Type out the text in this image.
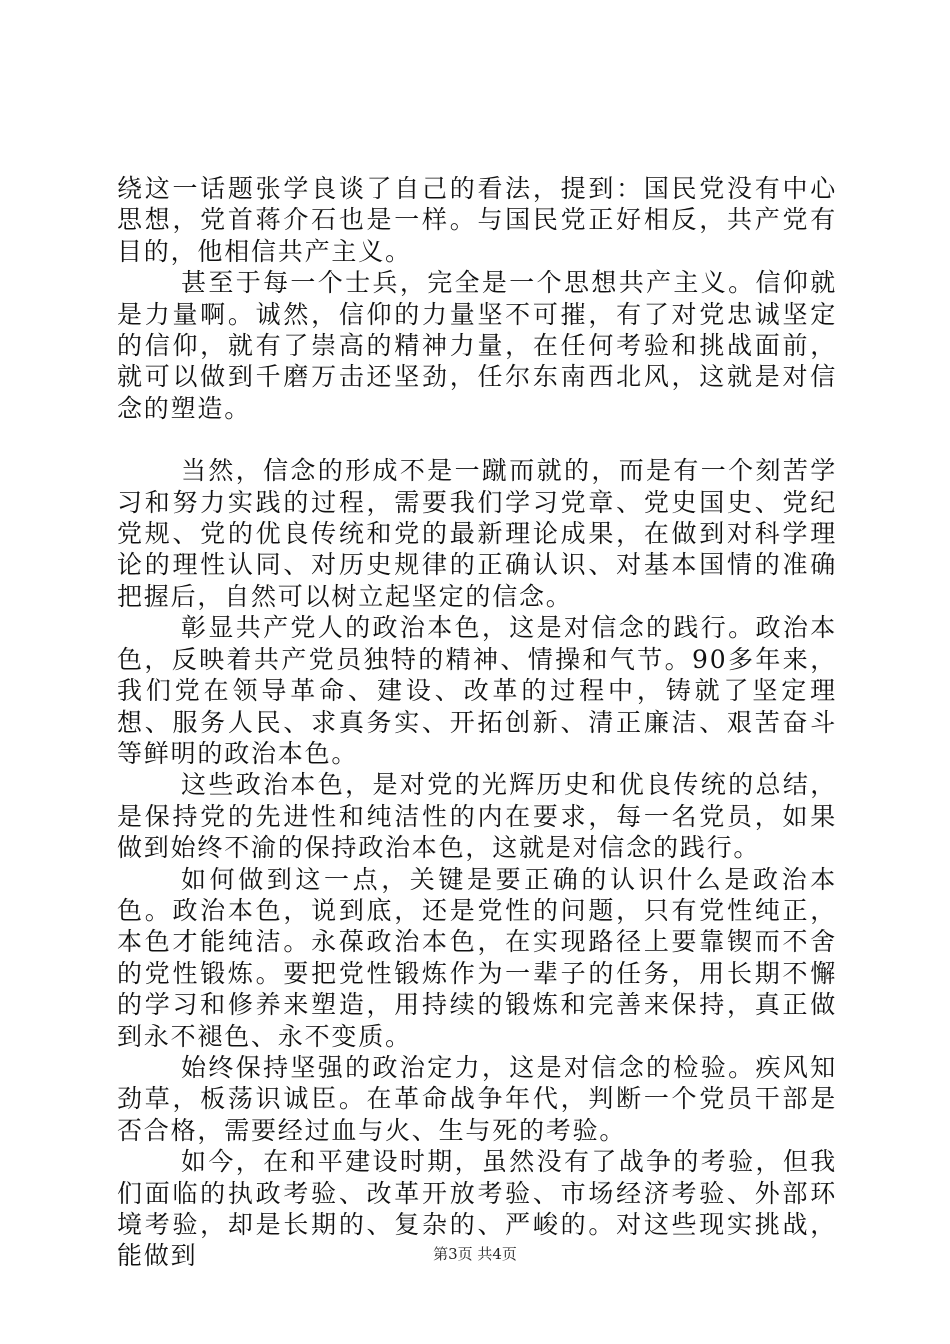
绕这一话题张学良谈了自己的看法，提到：国民党没有中心思想，党首蒋介石也是一样。与国民党正好相反，共产党有目的，他相信共产主义。

甚至于每一个士兵，完全是一个思想共产主义。信仰就是力量啊。诚然，信仰的力量坚不可摧，有了对党忠诚坚定的信仰，就有了崇高的精神力量，在任何考验和挑战面前，就可以做到千磨万击还坚劲，任尔东南西北风，这就是对信念的塑造。

当然，信念的形成不是一蹴而就的，而是有一个刻苦学习和努力实践的过程，需要我们学习党章、党史国史、党纪党规、党的优良传统和党的最新理论成果，在做到对科学理论的理性认同、对历史规律的正确认识、对基本国情的准确把握后，自然可以树立起坚定的信念。

彰显共产党人的政治本色，这是对信念的践行。政治本色，反映着共产党员独特的精神、情操和气节。90多年来，我们党在领导革命、建设、改革的过程中，铸就了坚定理想、服务人民、求真务实、开拓创新、清正廉洁、艰苦奋斗等鲜明的政治本色。

这些政治本色，是对党的光辉历史和优良传统的总结，是保持党的先进性和纯洁性的内在要求，每一名党员，如果做到始终不渝的保持政治本色，这就是对信念的践行。

如何做到这一点，关键是要正确的认识什么是政治本色。政治本色，说到底，还是党性的问题，只有党性纯正，本色才能纯洁。永葆政治本色，在实现路径上要靠锲而不舍的党性锻炼。要把党性锻炼作为一辈子的任务，用长期不懈的学习和修养来塑造，用持续的锻炼和完善来保持，真正做到永不褪色、永不变质。

始终保持坚强的政治定力，这是对信念的检验。疾风知劲草，板荡识诚臣。在革命战争年代，判断一个党员干部是否合格，需要经过血与火、生与死的考验。

如今，在和平建设时期，虽然没有了战争的考验，但我们面临的执政考验、改革开放考验、市场经济考验、外部环境考验，却是长期的、复杂的、严峻的。对这些现实挑战，能做到	第3页 共4页
